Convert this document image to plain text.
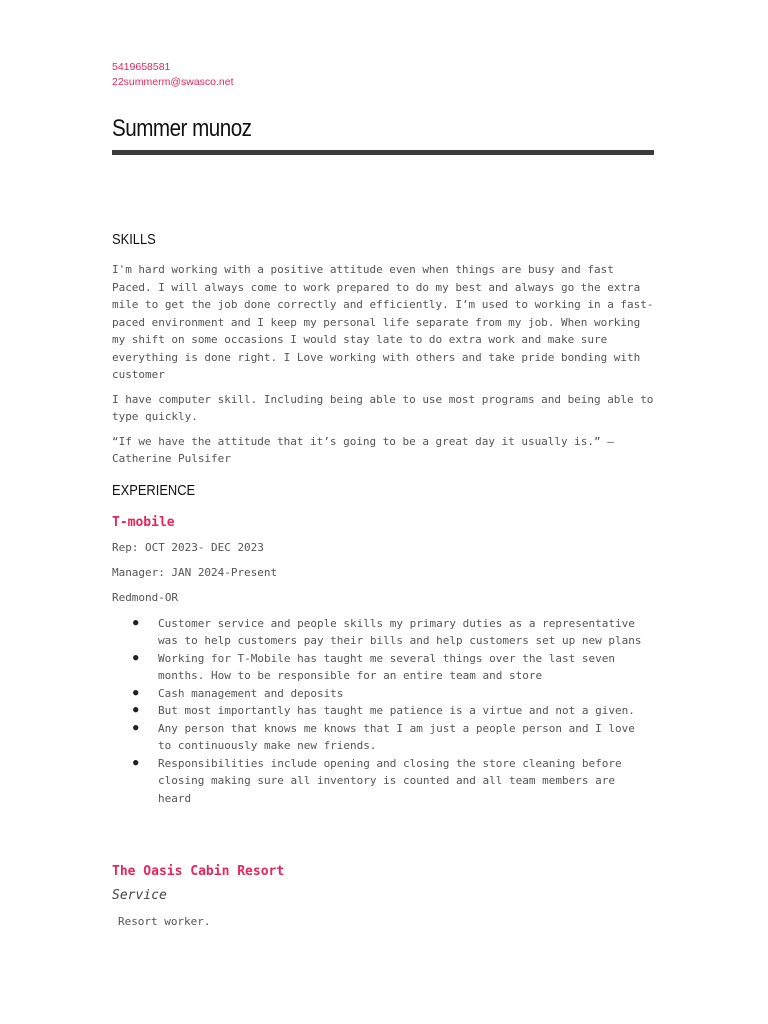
5419658581
22summerm@swasco.net
Summer munoz
SKILLS

I'm hard working with a positive attitude even when things are busy and fast Paced. I will always come to work prepared to do my best and always go the extra mile to get the job done correctly and efficiently. I’m used to working in a fast-paced environment and I keep my personal life separate from my job. When working my shift on some occasions I would stay late to do extra work and make sure everything is done right. I Love working with others and take pride bonding with customer

I have computer skill. Including being able to use most programs and being able to type quickly.

“If we have the attitude that it’s going to be a great day it usually is.” – Catherine Pulsifer

EXPERIENCE
T-mobile
Rep: OCT 2023- DEC 2023
Manager: JAN 2024-Present
Redmond-OR
● Customer service and people skills my primary duties as a representative was to help customers pay their bills and help customers set up new plans
● Working for T-Mobile has taught me several things over the last seven months. How to be responsible for an entire team and store
● Cash management and deposits
● But most importantly has taught me patience is a virtue and not a given.
● Any person that knows me knows that I am just a people person and I love to continuously make new friends.
● Responsibilities include opening and closing the store cleaning before closing making sure all inventory is counted and all team members are heard
The Oasis Cabin Resort
Service
Resort worker.
